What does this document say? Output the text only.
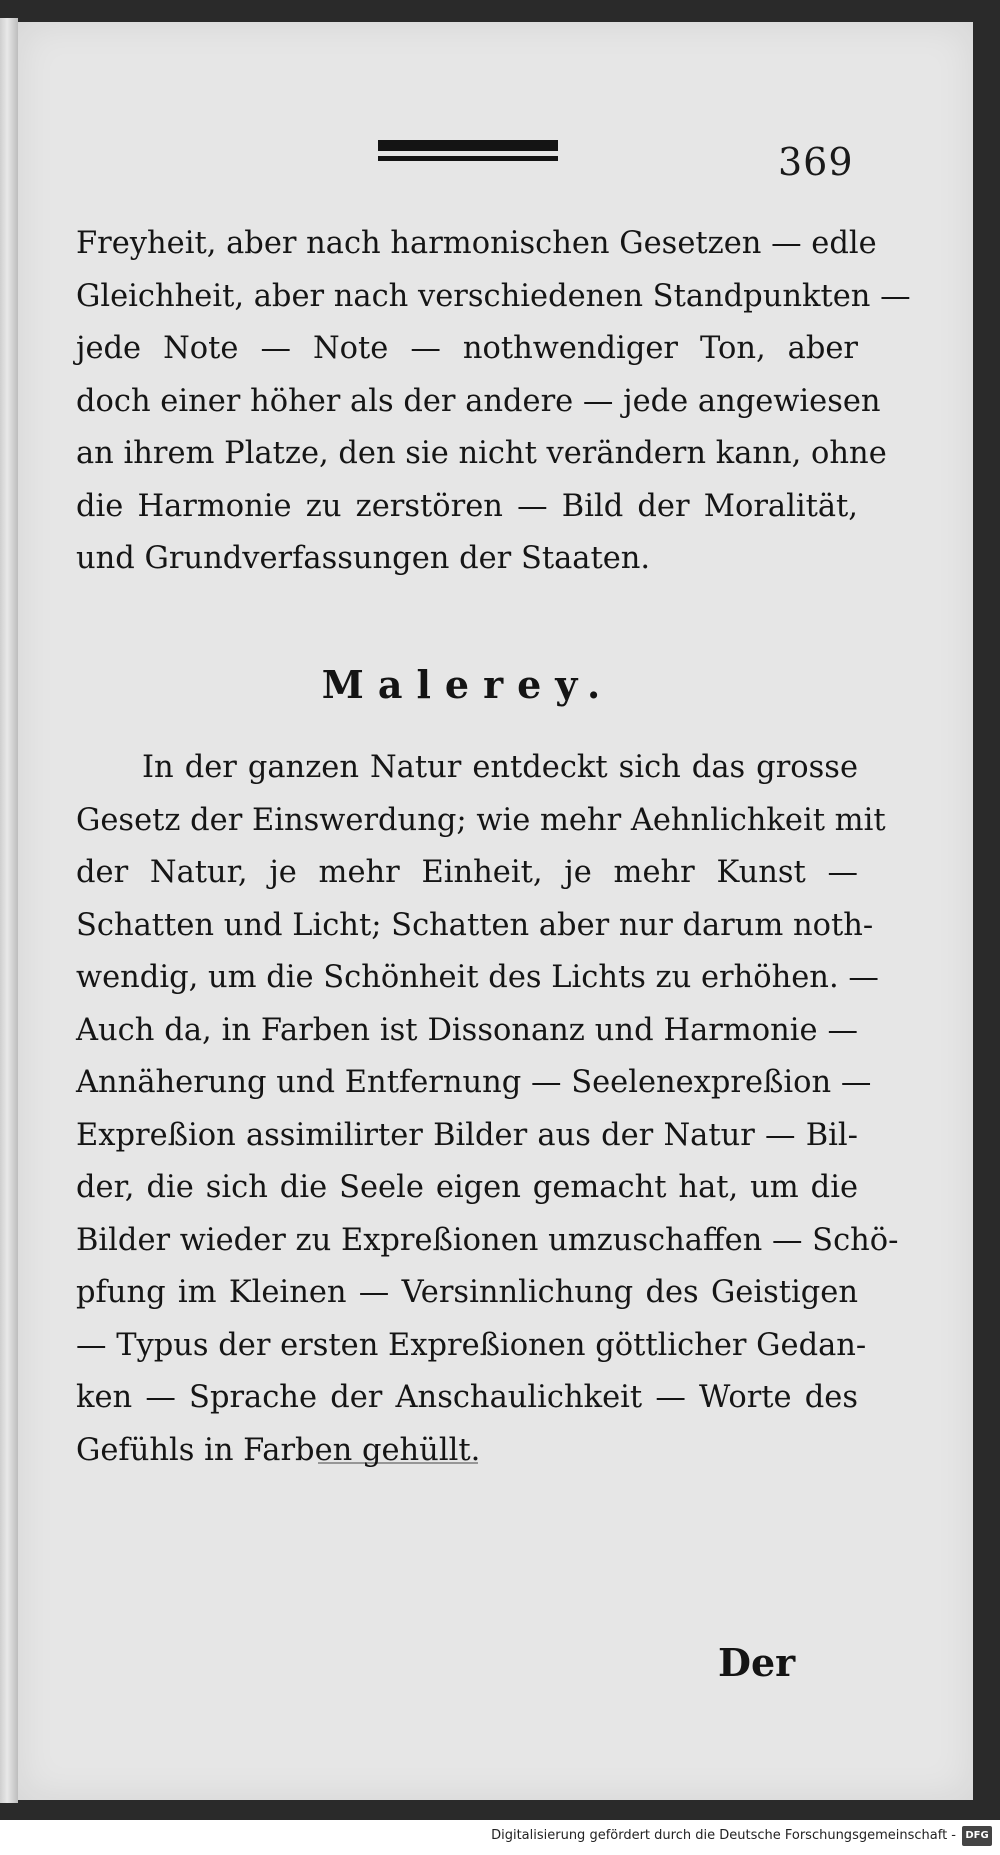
369
Freyheit, aber nach harmonischen Gesetzen — edle
Gleichheit, aber nach verschiedenen Standpunkten —
jede Note — Note — nothwendiger Ton, aber
doch einer höher als der andere — jede angewiesen
an ihrem Platze, den sie nicht verändern kann, ohne
die Harmonie zu zerstören — Bild der Moralität,
und Grundverfassungen der Staaten.
Malerey.
In der ganzen Natur entdeckt sich das grosse
Gesetz der Einswerdung; wie mehr Aehnlichkeit mit
der Natur, je mehr Einheit, je mehr Kunst —
Schatten und Licht; Schatten aber nur darum noth-
wendig, um die Schönheit des Lichts zu erhöhen. —
Auch da, in Farben ist Dissonanz und Harmonie —
Annäherung und Entfernung — Seelenexpreßion —
Expreßion assimilirter Bilder aus der Natur — Bil-
der, die sich die Seele eigen gemacht hat, um die
Bilder wieder zu Expreßionen umzuschaffen — Schö-
pfung im Kleinen — Versinnlichung des Geistigen
— Typus der ersten Expreßionen göttlicher Gedan-
ken — Sprache der Anschaulichkeit — Worte des
Gefühls in Farben gehüllt.
Der
Digitalisierung gefördert durch die Deutsche Forschungsgemeinschaft - DFG
